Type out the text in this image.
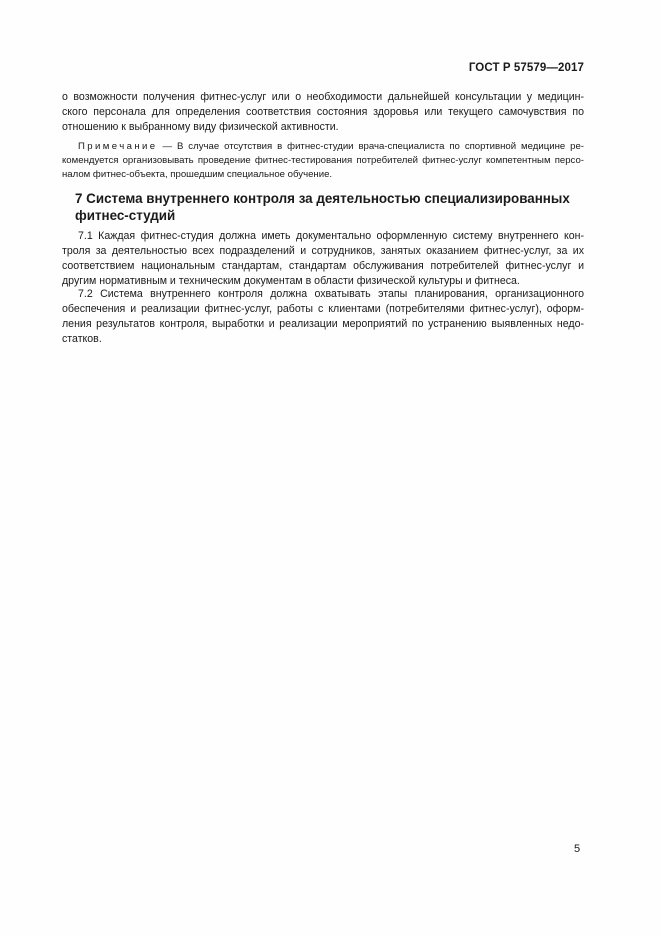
ГОСТ Р 57579—2017
о возможности получения фитнес-услуг или о необходимости дальнейшей консультации у медицин-
ского персонала для определения соответствия состояния здоровья или текущего самочувствия по
отношению к выбранному виду физической активности.
Примечание — В случае отсутствия в фитнес-студии врача-специалиста по спортивной медицине ре-
комендуется организовывать проведение фитнес-тестирования потребителей фитнес-услуг компетентным персо-
налом фитнес-объекта, прошедшим специальное обучение.
7 Система внутреннего контроля за деятельностью специализированных
фитнес-студий
7.1 Каждая фитнес-студия должна иметь документально оформленную систему внутреннего кон-
троля за деятельностью всех подразделений и сотрудников, занятых оказанием фитнес-услуг, за их
соответствием национальным стандартам, стандартам обслуживания потребителей фитнес-услуг и
другим нормативным и техническим документам в области физической культуры и фитнеса.
7.2 Система внутреннего контроля должна охватывать этапы планирования, организационного
обеспечения и реализации фитнес-услуг, работы с клиентами (потребителями фитнес-услуг), оформ-
ления результатов контроля, выработки и реализации мероприятий по устранению выявленных недо-
статков.
5
